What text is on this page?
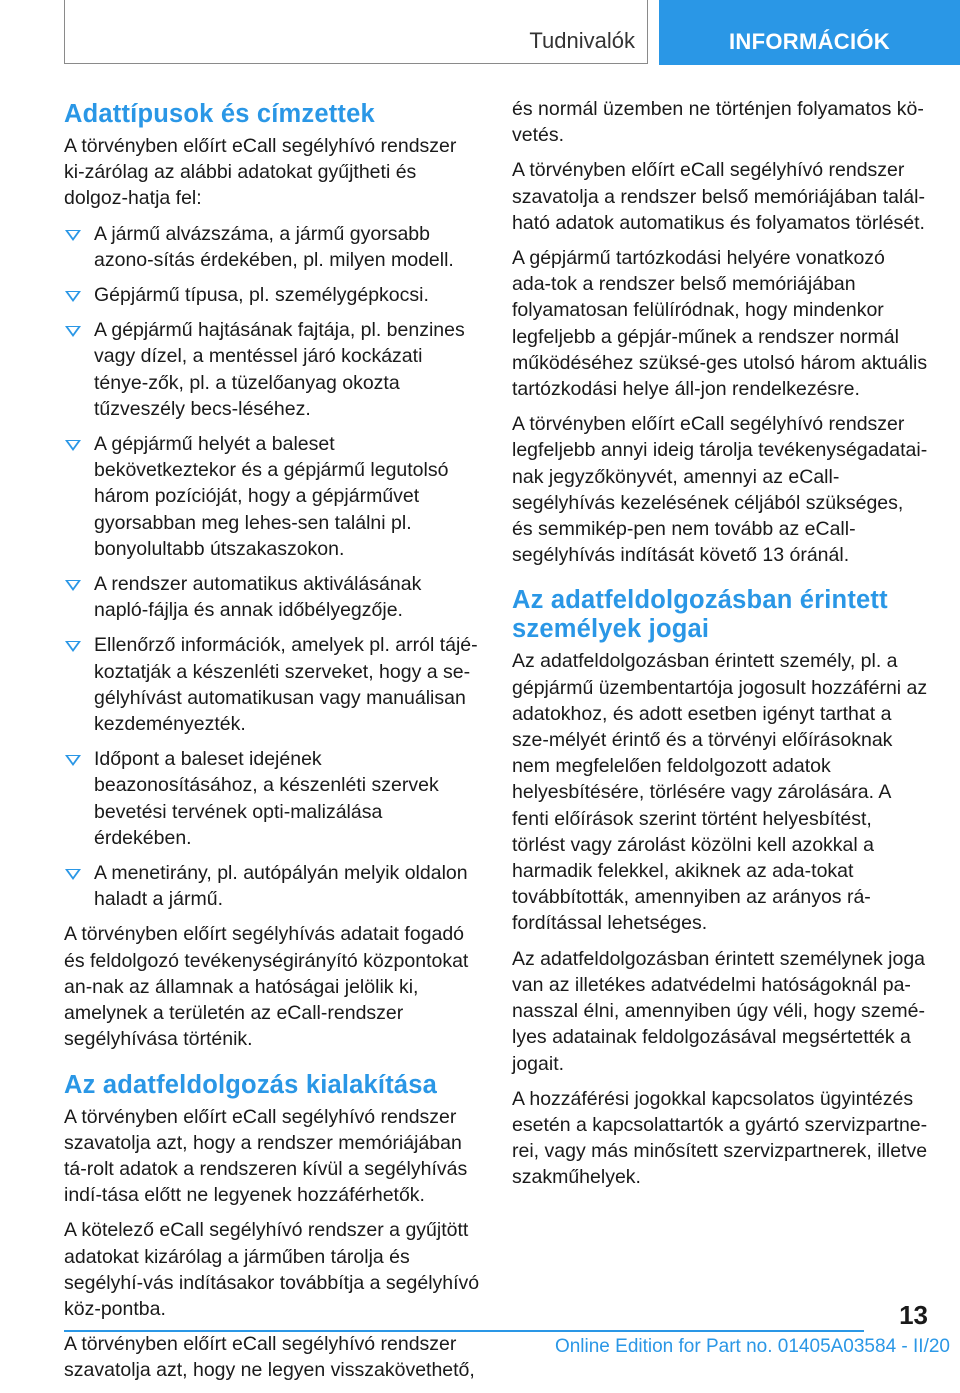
Tudnivalók	INFORMÁCIÓK
Adattípusok és címzettek

A törvényben előírt eCall segélyhívó rendszer ki-zárólag az alábbi adatokat gyűjtheti és dolgoz-hatja fel:

A jármű alvázszáma, a jármű gyorsabb azono-sítás érdekében, pl. milyen modell.
Gépjármű típusa, pl. személygépkocsi.
A gépjármű hajtásának fajtája, pl. benzines vagy dízel, a mentéssel járó kockázati ténye-zők, pl. a tüzelőanyag okozta tűzveszély becs-léséhez.
A gépjármű helyét a baleset bekövetkeztekor és a gépjármű legutolsó három pozícióját, hogy a gépjárművet gyorsabban meg lehes-sen találni pl. bonyolultabb útszakaszokon.
A rendszer automatikus aktiválásának napló-fájlja és annak időbélyegzője.
Ellenőrző információk, amelyek pl. arról tájé-koztatják a készenléti szerveket, hogy a se-gélyhívást automatikusan vagy manuálisan kezdeményezték.
Időpont a baleset idejének beazonosításához, a készenléti szervek bevetési tervének opti-malizálása érdekében.
A menetirány, pl. autópályán melyik oldalon haladt a jármű.

A törvényben előírt segélyhívás adatait fogadó és feldolgozó tevékenységirányító központokat an-nak az államnak a hatóságai jelölik ki, amelynek a területén az eCall-rendszer segélyhívása történik.

Az adatfeldolgozás kialakítása

A törvényben előírt eCall segélyhívó rendszer szavatolja azt, hogy a rendszer memóriájában tá-rolt adatok a rendszeren kívül a segélyhívás indí-tása előtt ne legyenek hozzáférhetők.

A kötelező eCall segélyhívó rendszer a gyűjtött adatokat kizárólag a járműben tárolja és segélyhí-vás indításakor továbbítja a segélyhívó köz-pontba.

A törvényben előírt eCall segélyhívó rendszer szavatolja azt, hogy ne legyen visszakövethető,

és normál üzemben ne történjen folyamatos kö-vetés.

A törvényben előírt eCall segélyhívó rendszer szavatolja a rendszer belső memóriájában talál-ható adatok automatikus és folyamatos törlését.

A gépjármű tartózkodási helyére vonatkozó ada-tok a rendszer belső memóriájában folyamatosan felülíródnak, hogy mindenkor legfeljebb a gépjár-műnek a rendszer normál működéséhez szüksé-ges utolsó három aktuális tartózkodási helye áll-jon rendelkezésre.

A törvényben előírt eCall segélyhívó rendszer legfeljebb annyi ideig tárolja tevékenységadatai-nak jegyzőkönyvét, amennyi az eCall-segélyhívás kezelésének céljából szükséges, és semmikép-pen nem tovább az eCall-segélyhívás indítását követő 13 óránál.

Az adatfeldolgozásban érintett személyek jogai

Az adatfeldolgozásban érintett személy, pl. a gépjármű üzembentartója jogosult hozzáférni az adatokhoz, és adott esetben igényt tarthat a sze-mélyét érintő és a törvényi előírásoknak nem megfelelően feldolgozott adatok helyesbítésére, törlésére vagy zárolására. A fenti előírások szerint történt helyesbítést, törlést vagy zárolást közölni kell azokkal a harmadik felekkel, akiknek az ada-tokat továbbították, amennyiben az arányos rá-fordítással lehetséges.

Az adatfeldolgozásban érintett személynek joga van az illetékes adatvédelmi hatóságoknál pa-nasszal élni, amennyiben úgy véli, hogy szemé-lyes adatainak feldolgozásával megsértették a jogait.

A hozzáférési jogokkal kapcsolatos ügyintézés esetén a kapcsolattartók a gyártó szervizpartne-rei, vagy más minősített szervizpartnerek, illetve szakműhelyek.

13
Online Edition for Part no. 01405A03584 - II/20
